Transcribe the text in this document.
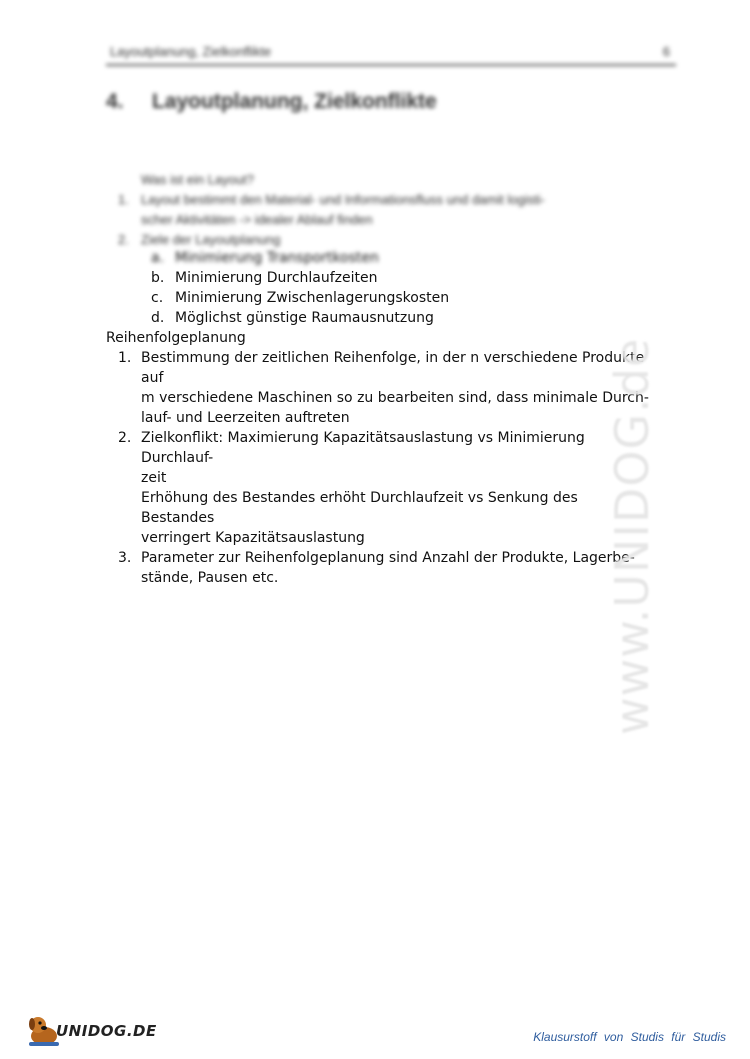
Layoutplanung, Zielkonflikte	6
4. Layoutplanung, Zielkonflikte
Was ist ein Layout?
1. Layout bestimmt den Material- und Informationsfluss und damit logisti-
scher Aktivitäten -> idealer Ablauf finden
2. Ziele der Layoutplanung
a. Minimierung Transportkosten
b. Minimierung Durchlaufzeiten
c. Minimierung Zwischenlagerungskosten
d. Möglichst günstige Raumausnutzung
Reihenfolgeplanung
1. Bestimmung der zeitlichen Reihenfolge, in der n verschiedene Produkte auf
m verschiedene Maschinen so zu bearbeiten sind, dass minimale Durch-
lauf- und Leerzeiten auftreten
2. Zielkonflikt: Maximierung Kapazitätsauslastung vs Minimierung Durchlauf-
zeit
Erhöhung des Bestandes erhöht Durchlaufzeit vs Senkung des Bestandes
verringert Kapazitätsauslastung
3. Parameter zur Reihenfolgeplanung sind Anzahl der Produkte, Lagerbe-
stände, Pausen etc.	www.UNIDOG.de
UNIDOG.DE	Klausurstoff von Studis für Studis
